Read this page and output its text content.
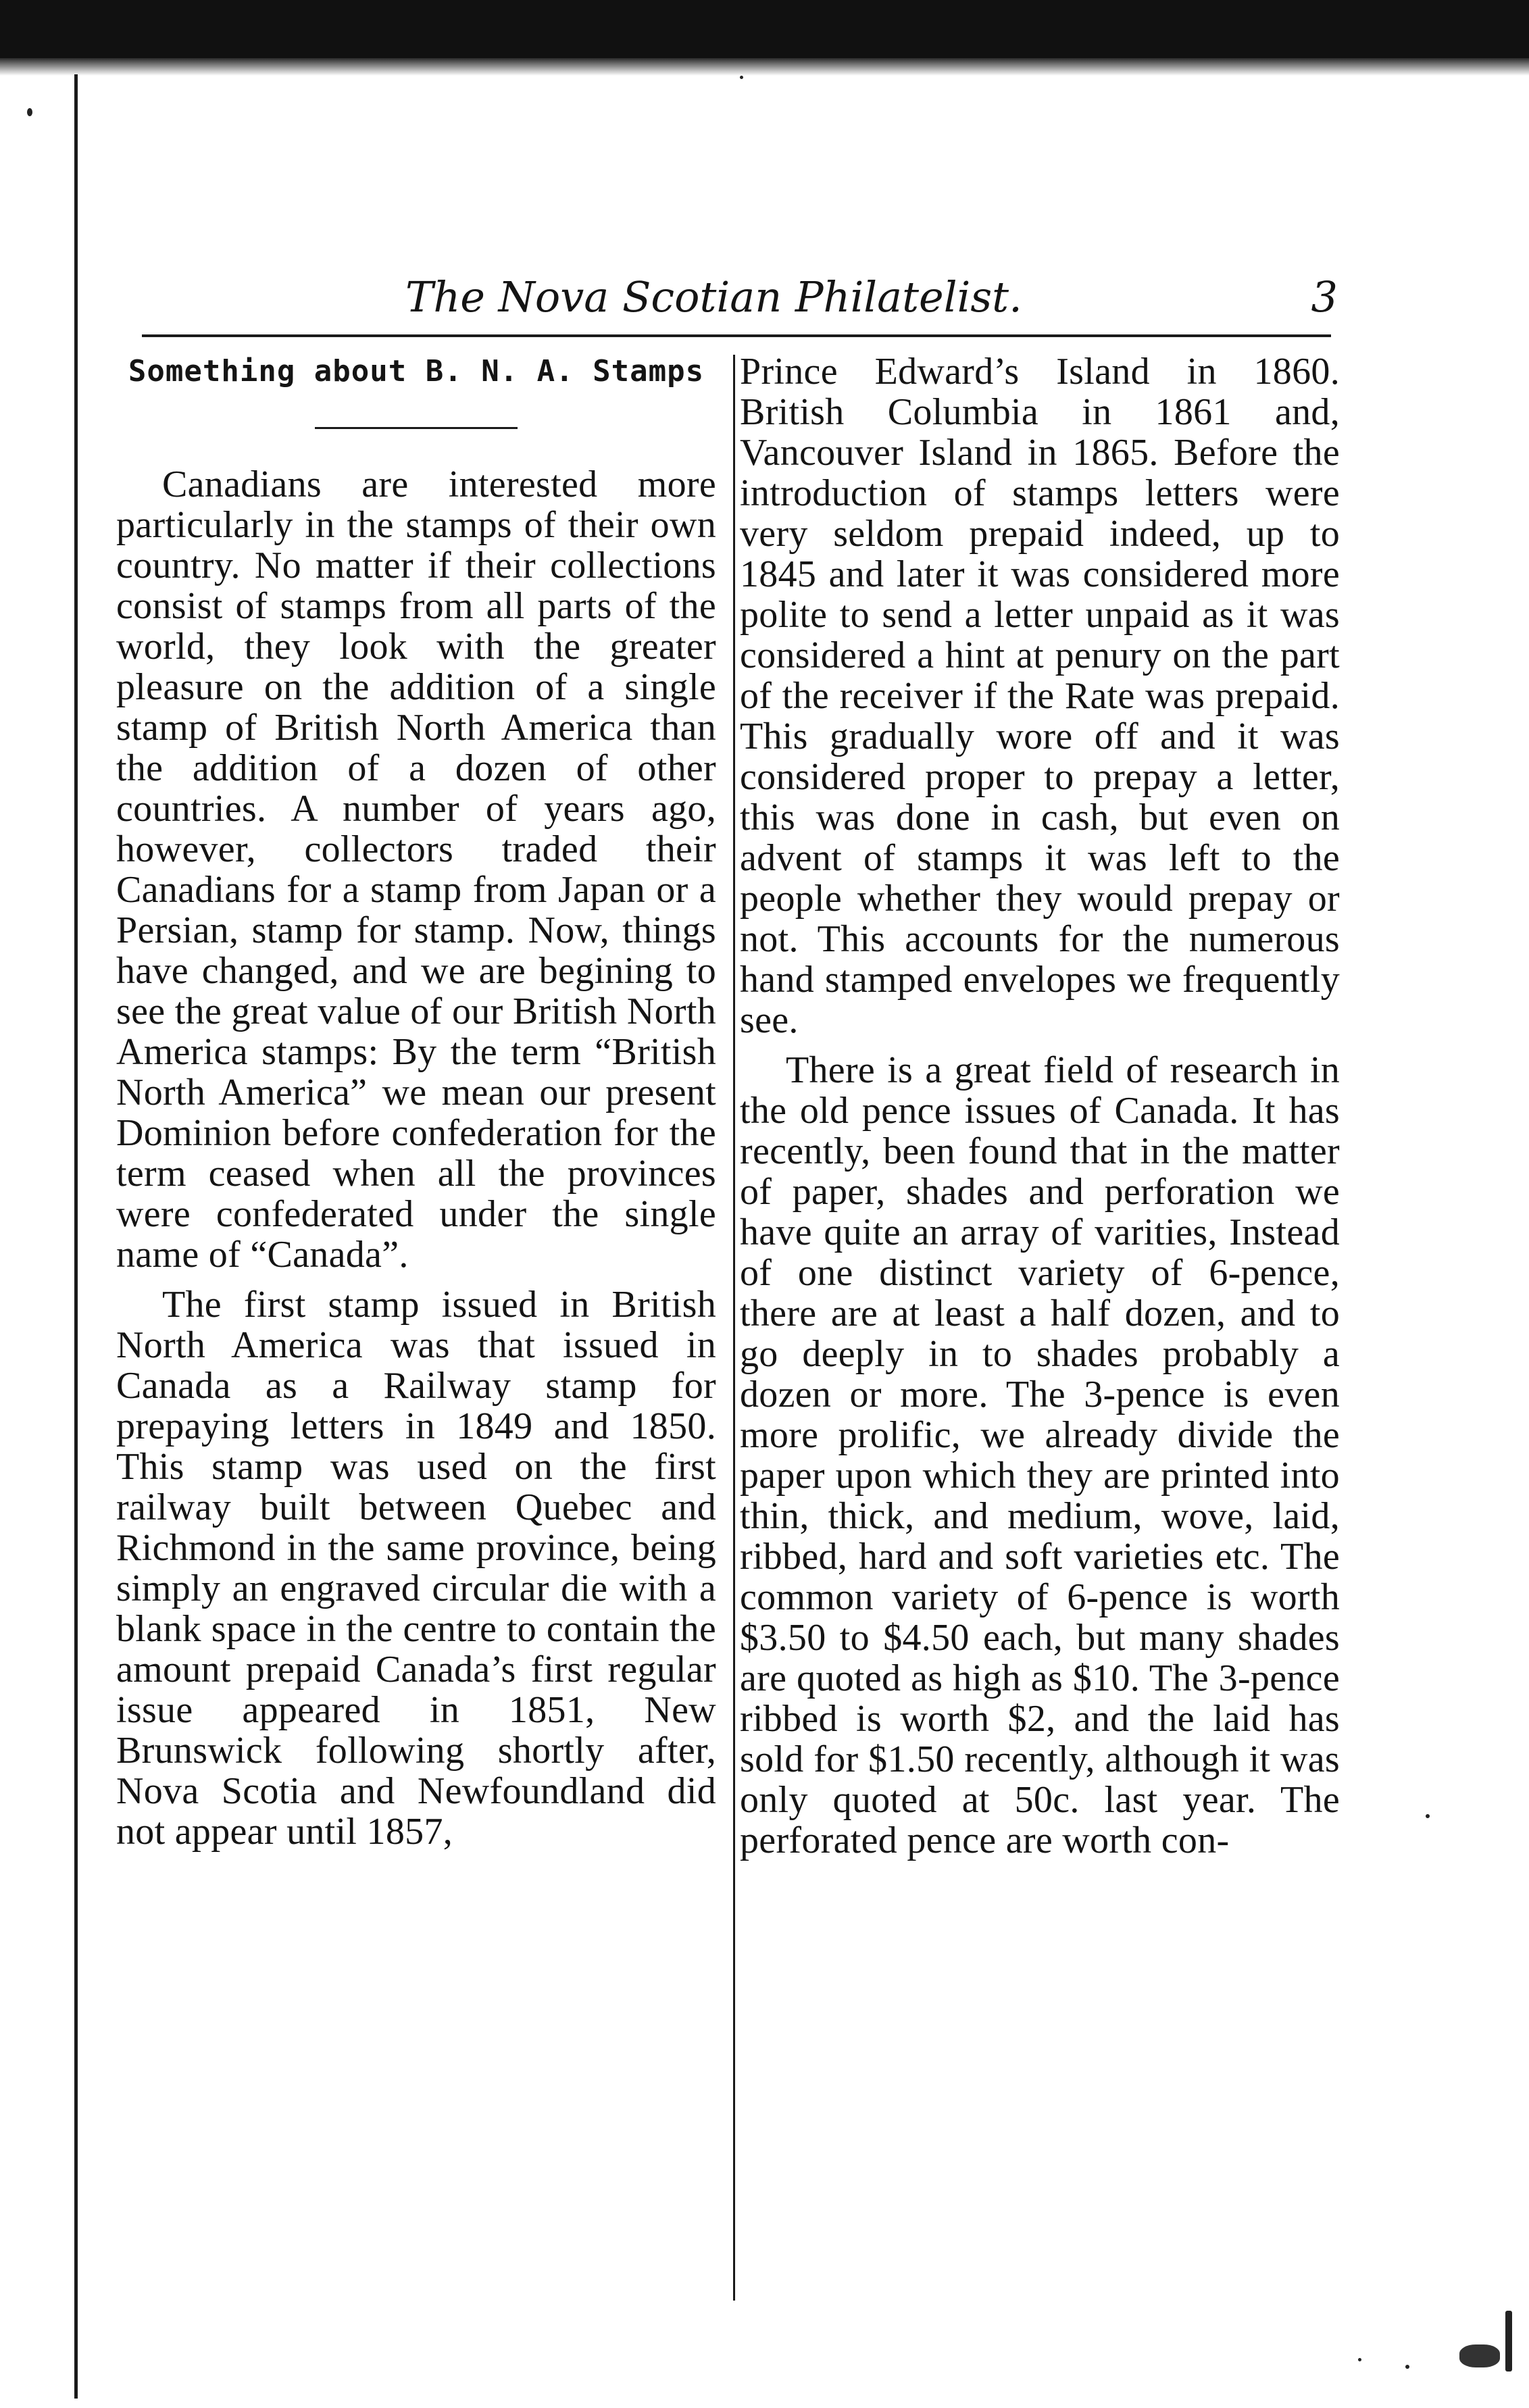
The Nova Scotian Philatelist.	3
Something about B. N. A. Stamps

Canadians are interested more particularly in the stamps of their own country. No matter if their collections consist of stamps from all parts of the world, they look with the greater pleasure on the addition of a single stamp of British North America than the addition of a dozen of other countries. A number of years ago, however, collectors traded their Canadians for a stamp from Japan or a Persian, stamp for stamp. Now, things have changed, and we are begining to see the great value of our British North America stamps: By the term “British North America” we mean our present Dominion before confederation for the term ceased when all the provinces were confederated under the single name of “Canada”.

The first stamp issued in British North America was that issued in Canada as a Railway stamp for prepaying letters in 1849 and 1850. This stamp was used on the first railway built between Quebec and Richmond in the same province, being simply an engraved circular die with a blank space in the centre to contain the amount prepaid Canada’s first regular issue appeared in 1851, New Brunswick following shortly after, Nova Scotia and Newfoundland did not appear until 1857,

Prince Edward’s Island in 1860. British Columbia in 1861 and, Vancouver Island in 1865. Before the introduction of stamps letters were very seldom prepaid indeed, up to 1845 and later it was considered more polite to send a letter unpaid as it was considered a hint at penury on the part of the receiver if the Rate was prepaid. This gradually wore off and it was considered proper to prepay a letter, this was done in cash, but even on advent of stamps it was left to the people whether they would prepay or not. This accounts for the numerous hand stamped envelopes we frequently see.

There is a great field of research in the old pence issues of Canada. It has recently, been found that in the matter of paper, shades and perforation we have quite an array of varities, Instead of one distinct variety of 6-pence, there are at least a half dozen, and to go deeply in to shades probably a dozen or more. The 3-pence is even more prolific, we already divide the paper upon which they are printed into thin, thick, and medium, wove, laid, ribbed, hard and soft varieties etc. The common variety of 6-pence is worth $3.50 to $4.50 each, but many shades are quoted as high as $10. The 3-pence ribbed is worth $2, and the laid has sold for $1.50 recently, although it was only quoted at 50c. last year. The perforated pence are worth con-
